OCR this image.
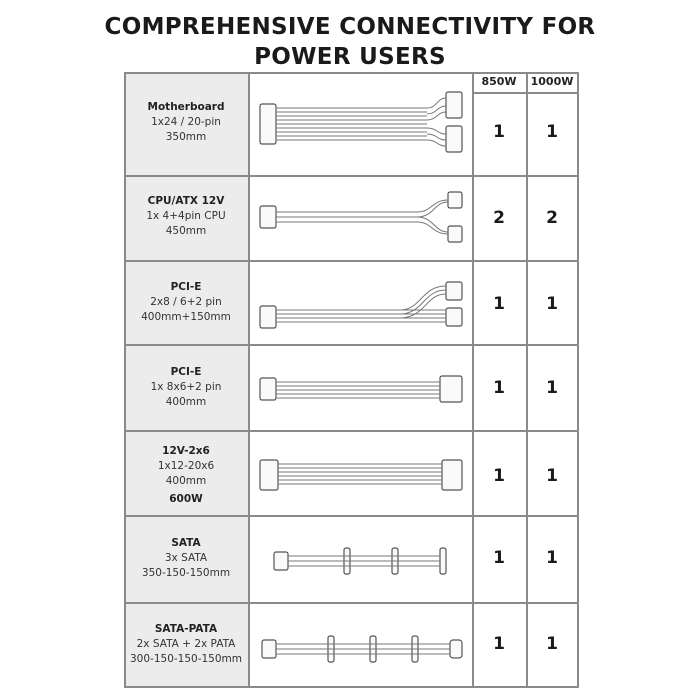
COMPREHENSIVE CONNECTIVITY FOR
POWER USERS
850W	1000W
Motherboard
1x24 / 20-pin
350mm	1	1
CPU/ATX 12V
1x 4+4pin CPU
450mm
2	2
PCI-E
2x8 / 6+2 pin
400mm+150mm
1	1
PCI-E
1x 8x6+2 pin
400mm
1	1
12V-2x6
1x12-20x6
400mm
600W
1	1
SATA
3x SATA
350-150-150mm
1	1
SATA-PATA
2x SATA + 2x PATA
300-150-150-150mm
1	1
